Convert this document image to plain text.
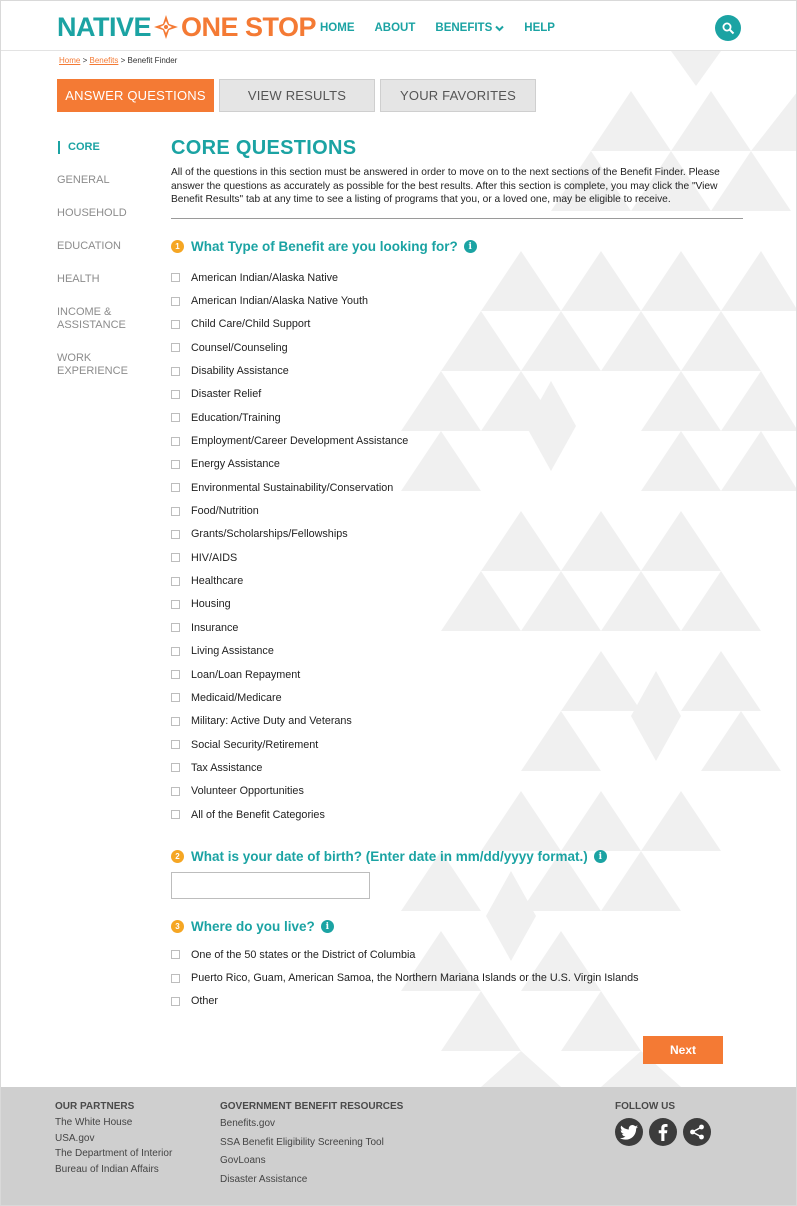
NATIVE ONE STOP HOME ABOUT BENEFITS	HELP
Home > Benefits > Benefit Finder
ANSWER QUESTIONS	VIEW RESULTS	YOUR FAVORITES
CORE
GENERAL
HOUSEHOLD
EDUCATION
HEALTH
INCOME & ASSISTANCE
WORK EXPERIENCE
CORE QUESTIONS
All of the questions in this section must be answered in order to move on to the next sections of the Benefit Finder. Please answer the questions as accurately as possible for the best results. After this section is complete, you may click the "View Benefit Results" tab at any time to see a listing of programs that you, or a loved one, may be eligible to receive.
1 What Type of Benefit are you looking for?	i
American Indian/Alaska Native
American Indian/Alaska Native Youth
Child Care/Child Support
Counsel/Counseling
Disability Assistance
Disaster Relief
Education/Training
Employment/Career Development Assistance
Energy Assistance
Environmental Sustainability/Conservation
Food/Nutrition
Grants/Scholarships/Fellowships
HIV/AIDS
Healthcare
Housing
Insurance
Living Assistance
Loan/Loan Repayment
Medicaid/Medicare
Military: Active Duty and Veterans
Social Security/Retirement
Tax Assistance
Volunteer Opportunities
All of the Benefit Categories
2 What is your date of birth? (Enter date in mm/dd/yyyy format.)	i
3 Where do you live?	i
One of the 50 states or the District of Columbia
Puerto Rico, Guam, American Samoa, the Northern Mariana Islands or the U.S. Virgin Islands
Other
Next
OUR PARTNERS
The White House
USA.gov
The Department of Interior
Bureau of Indian Affairs
GOVERNMENT BENEFIT RESOURCES
Benefits.gov
SSA Benefit Eligibility Screening Tool
GovLoans
Disaster Assistance
FOLLOW US
